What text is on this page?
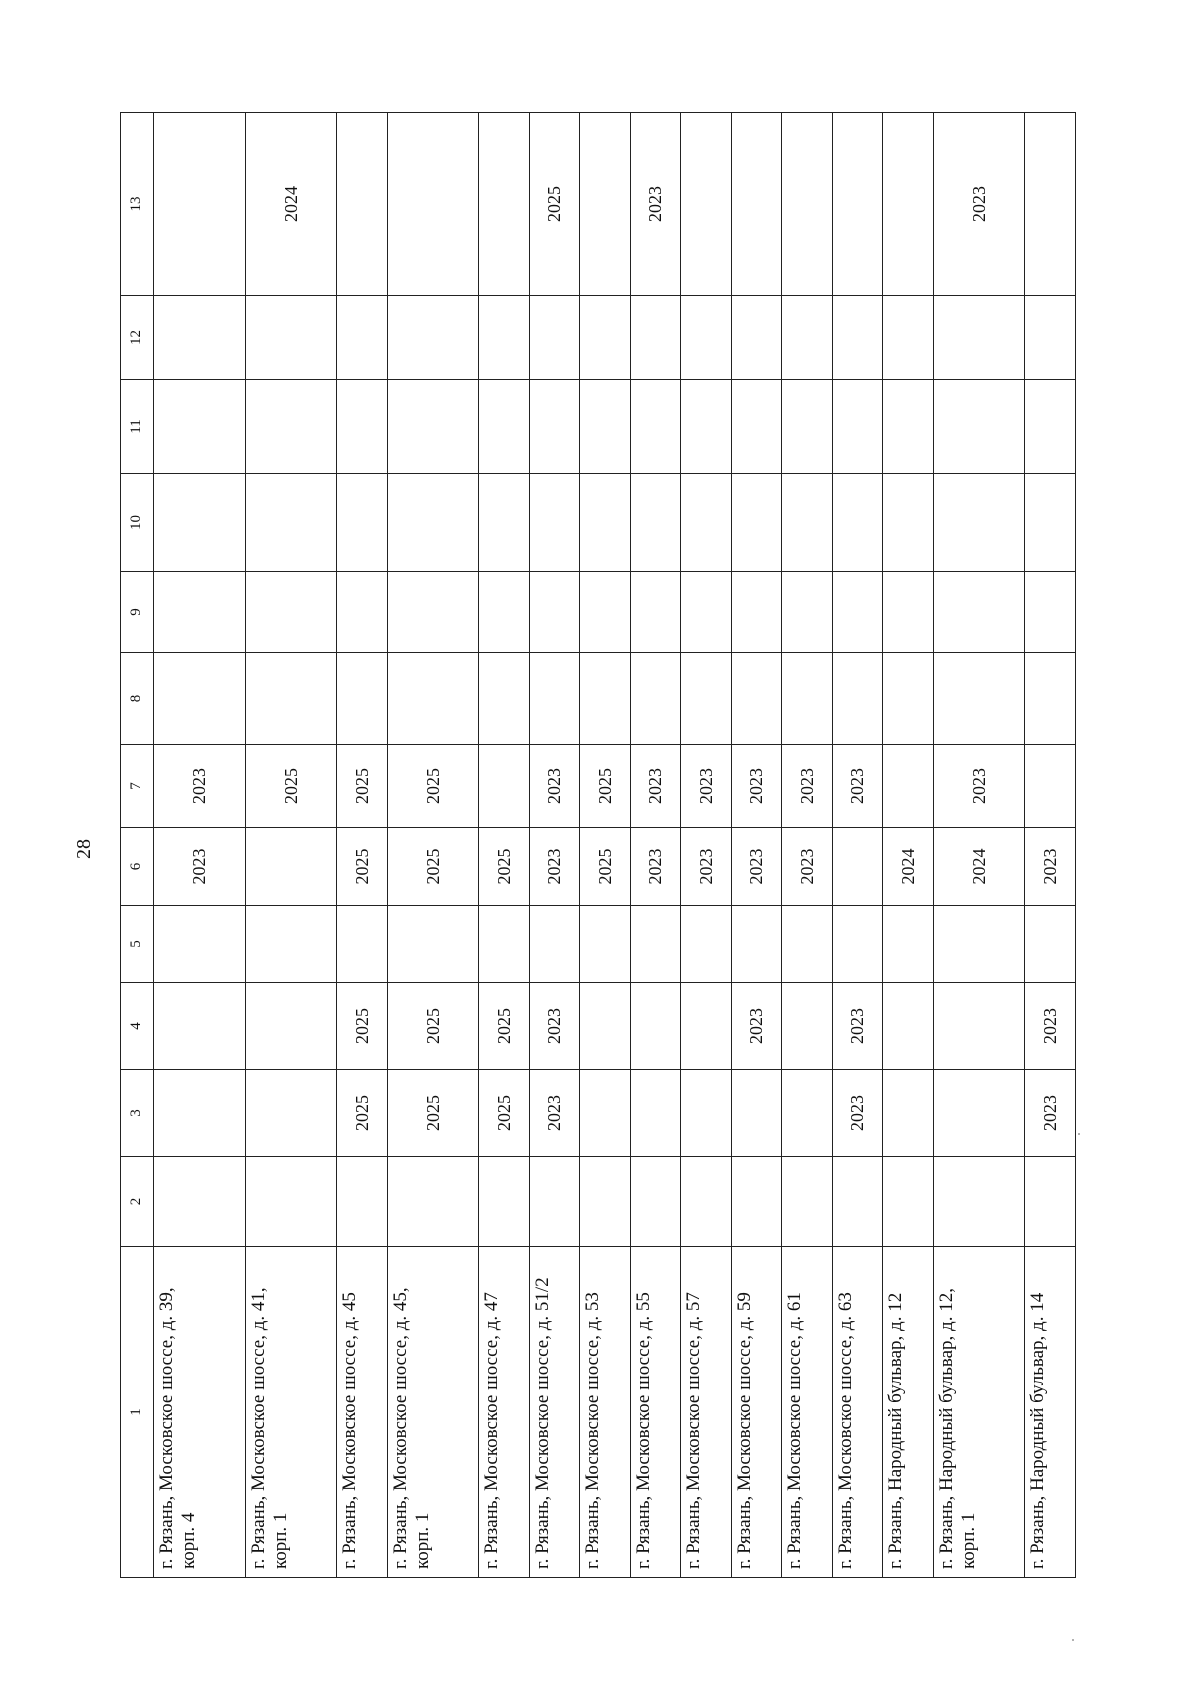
28
1	2	3	4	5	6	7	8	9	10	11	12	13
г. Рязань, Московское шоссе, д. 39, корп. 4					2023	2023						
г. Рязань, Московское шоссе, д. 41, корп. 1						2025						2024
г. Рязань, Московское шоссе, д. 45		2025	2025		2025	2025						
г. Рязань, Московское шоссе, д. 45, корп. 1		2025	2025		2025	2025						
г. Рязань, Московское шоссе, д. 47		2025	2025		2025							
г. Рязань, Московское шоссе, д. 51/2		2023	2023		2023	2023						2025
г. Рязань, Московское шоссе, д. 53					2025	2025						
г. Рязань, Московское шоссе, д. 55					2023	2023						2023
г. Рязань, Московское шоссе, д. 57					2023	2023						
г. Рязань, Московское шоссе, д. 59			2023		2023	2023						
г. Рязань, Московское шоссе, д. 61					2023	2023						
г. Рязань, Московское шоссе, д. 63		2023	2023			2023						
г. Рязань, Народный бульвар, д. 12					2024							
г. Рязань, Народный бульвар, д. 12, корп. 1					2024	2023						2023
г. Рязань, Народный бульвар, д. 14		2023	2023		2023							
